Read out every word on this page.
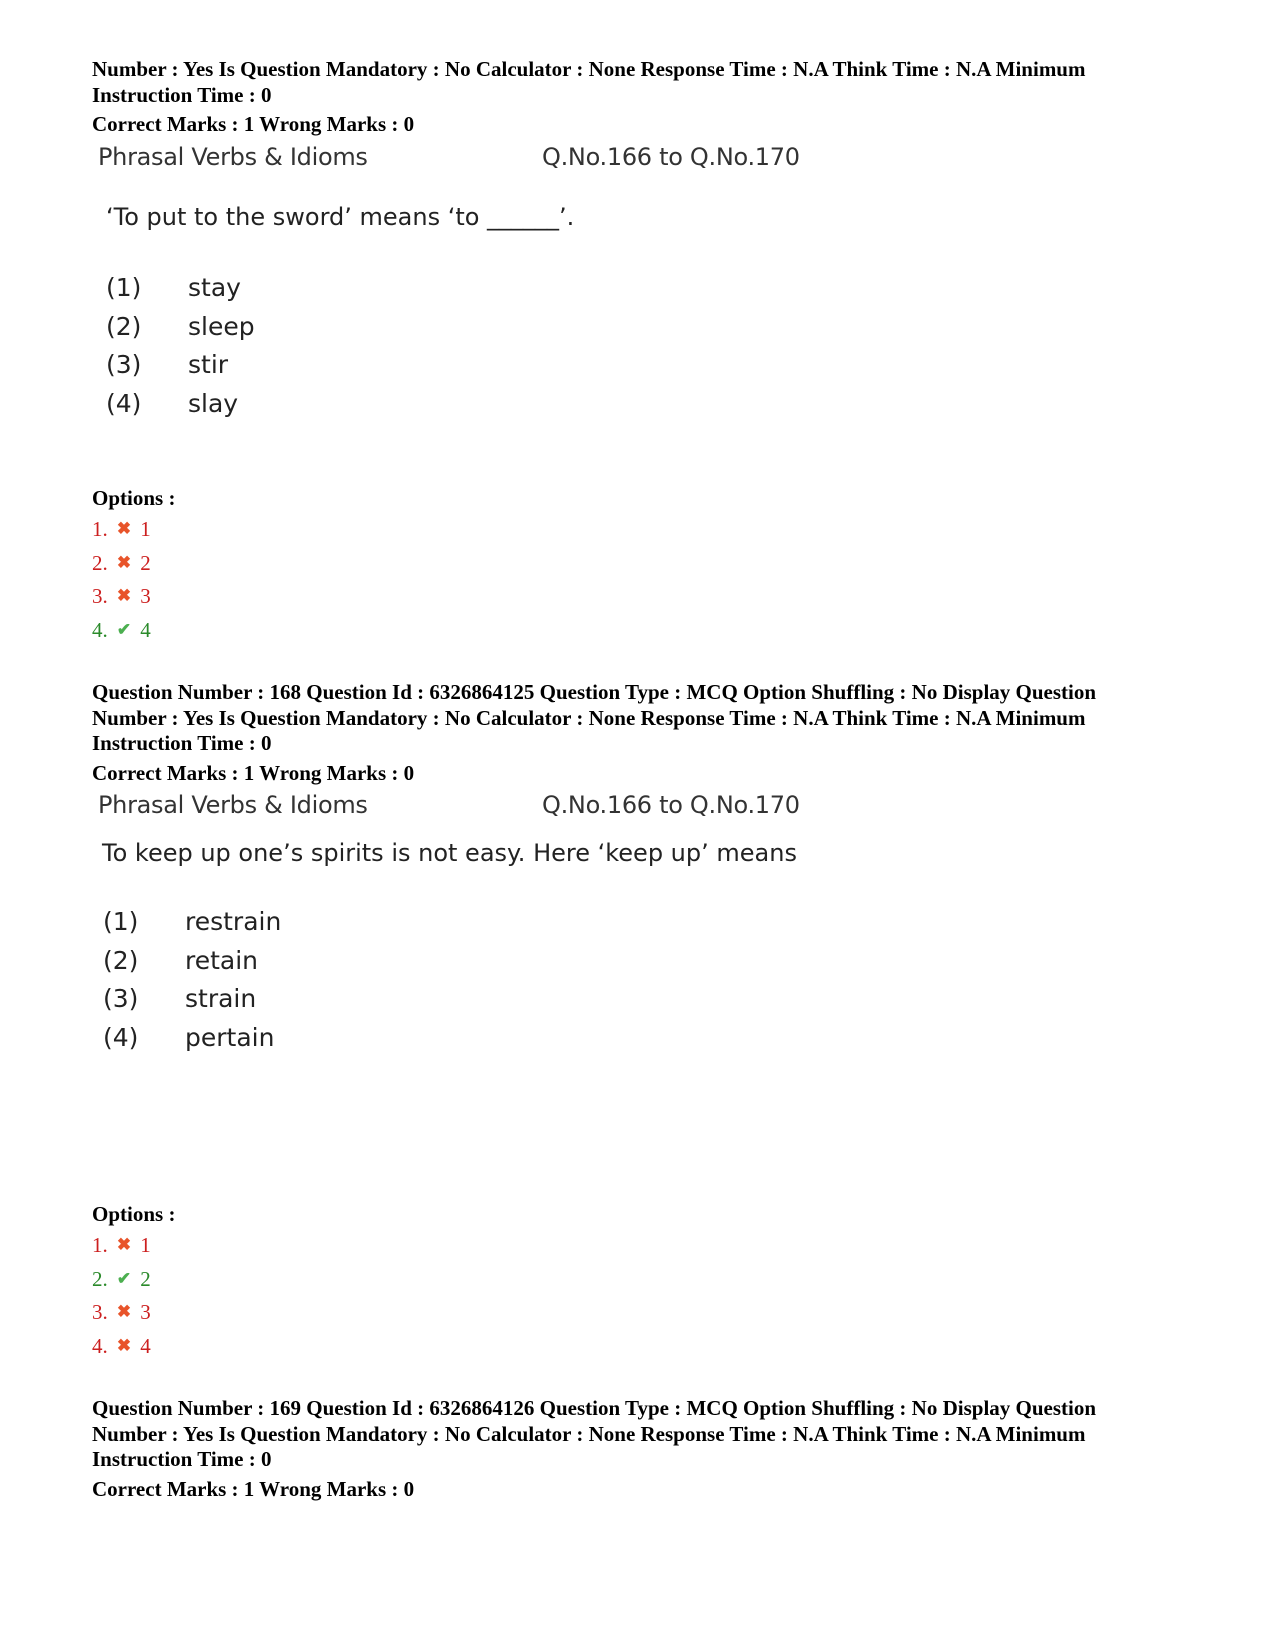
Number : Yes Is Question Mandatory : No Calculator : None Response Time : N.A Think Time : N.A Minimum
Instruction Time : 0
Correct Marks : 1 Wrong Marks : 0
Phrasal Verbs & Idioms	Q.No.166 to Q.No.170
‘To put to the sword’ means ‘to ______’.
(1) stay
(2) sleep
(3) stir
(4) slay
Options :
1. ✖ 1
2. ✖ 2
3. ✖ 3
4. ✔ 4
Question Number : 168 Question Id : 6326864125 Question Type : MCQ Option Shuffling : No Display Question
Number : Yes Is Question Mandatory : No Calculator : None Response Time : N.A Think Time : N.A Minimum
Instruction Time : 0
Correct Marks : 1 Wrong Marks : 0
Phrasal Verbs & Idioms	Q.No.166 to Q.No.170
To keep up one’s spirits is not easy. Here ‘keep up’ means
(1) restrain
(2) retain
(3) strain
(4) pertain
Options :
1. ✖ 1
2. ✔ 2
3. ✖ 3
4. ✖ 4
Question Number : 169 Question Id : 6326864126 Question Type : MCQ Option Shuffling : No Display Question
Number : Yes Is Question Mandatory : No Calculator : None Response Time : N.A Think Time : N.A Minimum
Instruction Time : 0
Correct Marks : 1 Wrong Marks : 0
